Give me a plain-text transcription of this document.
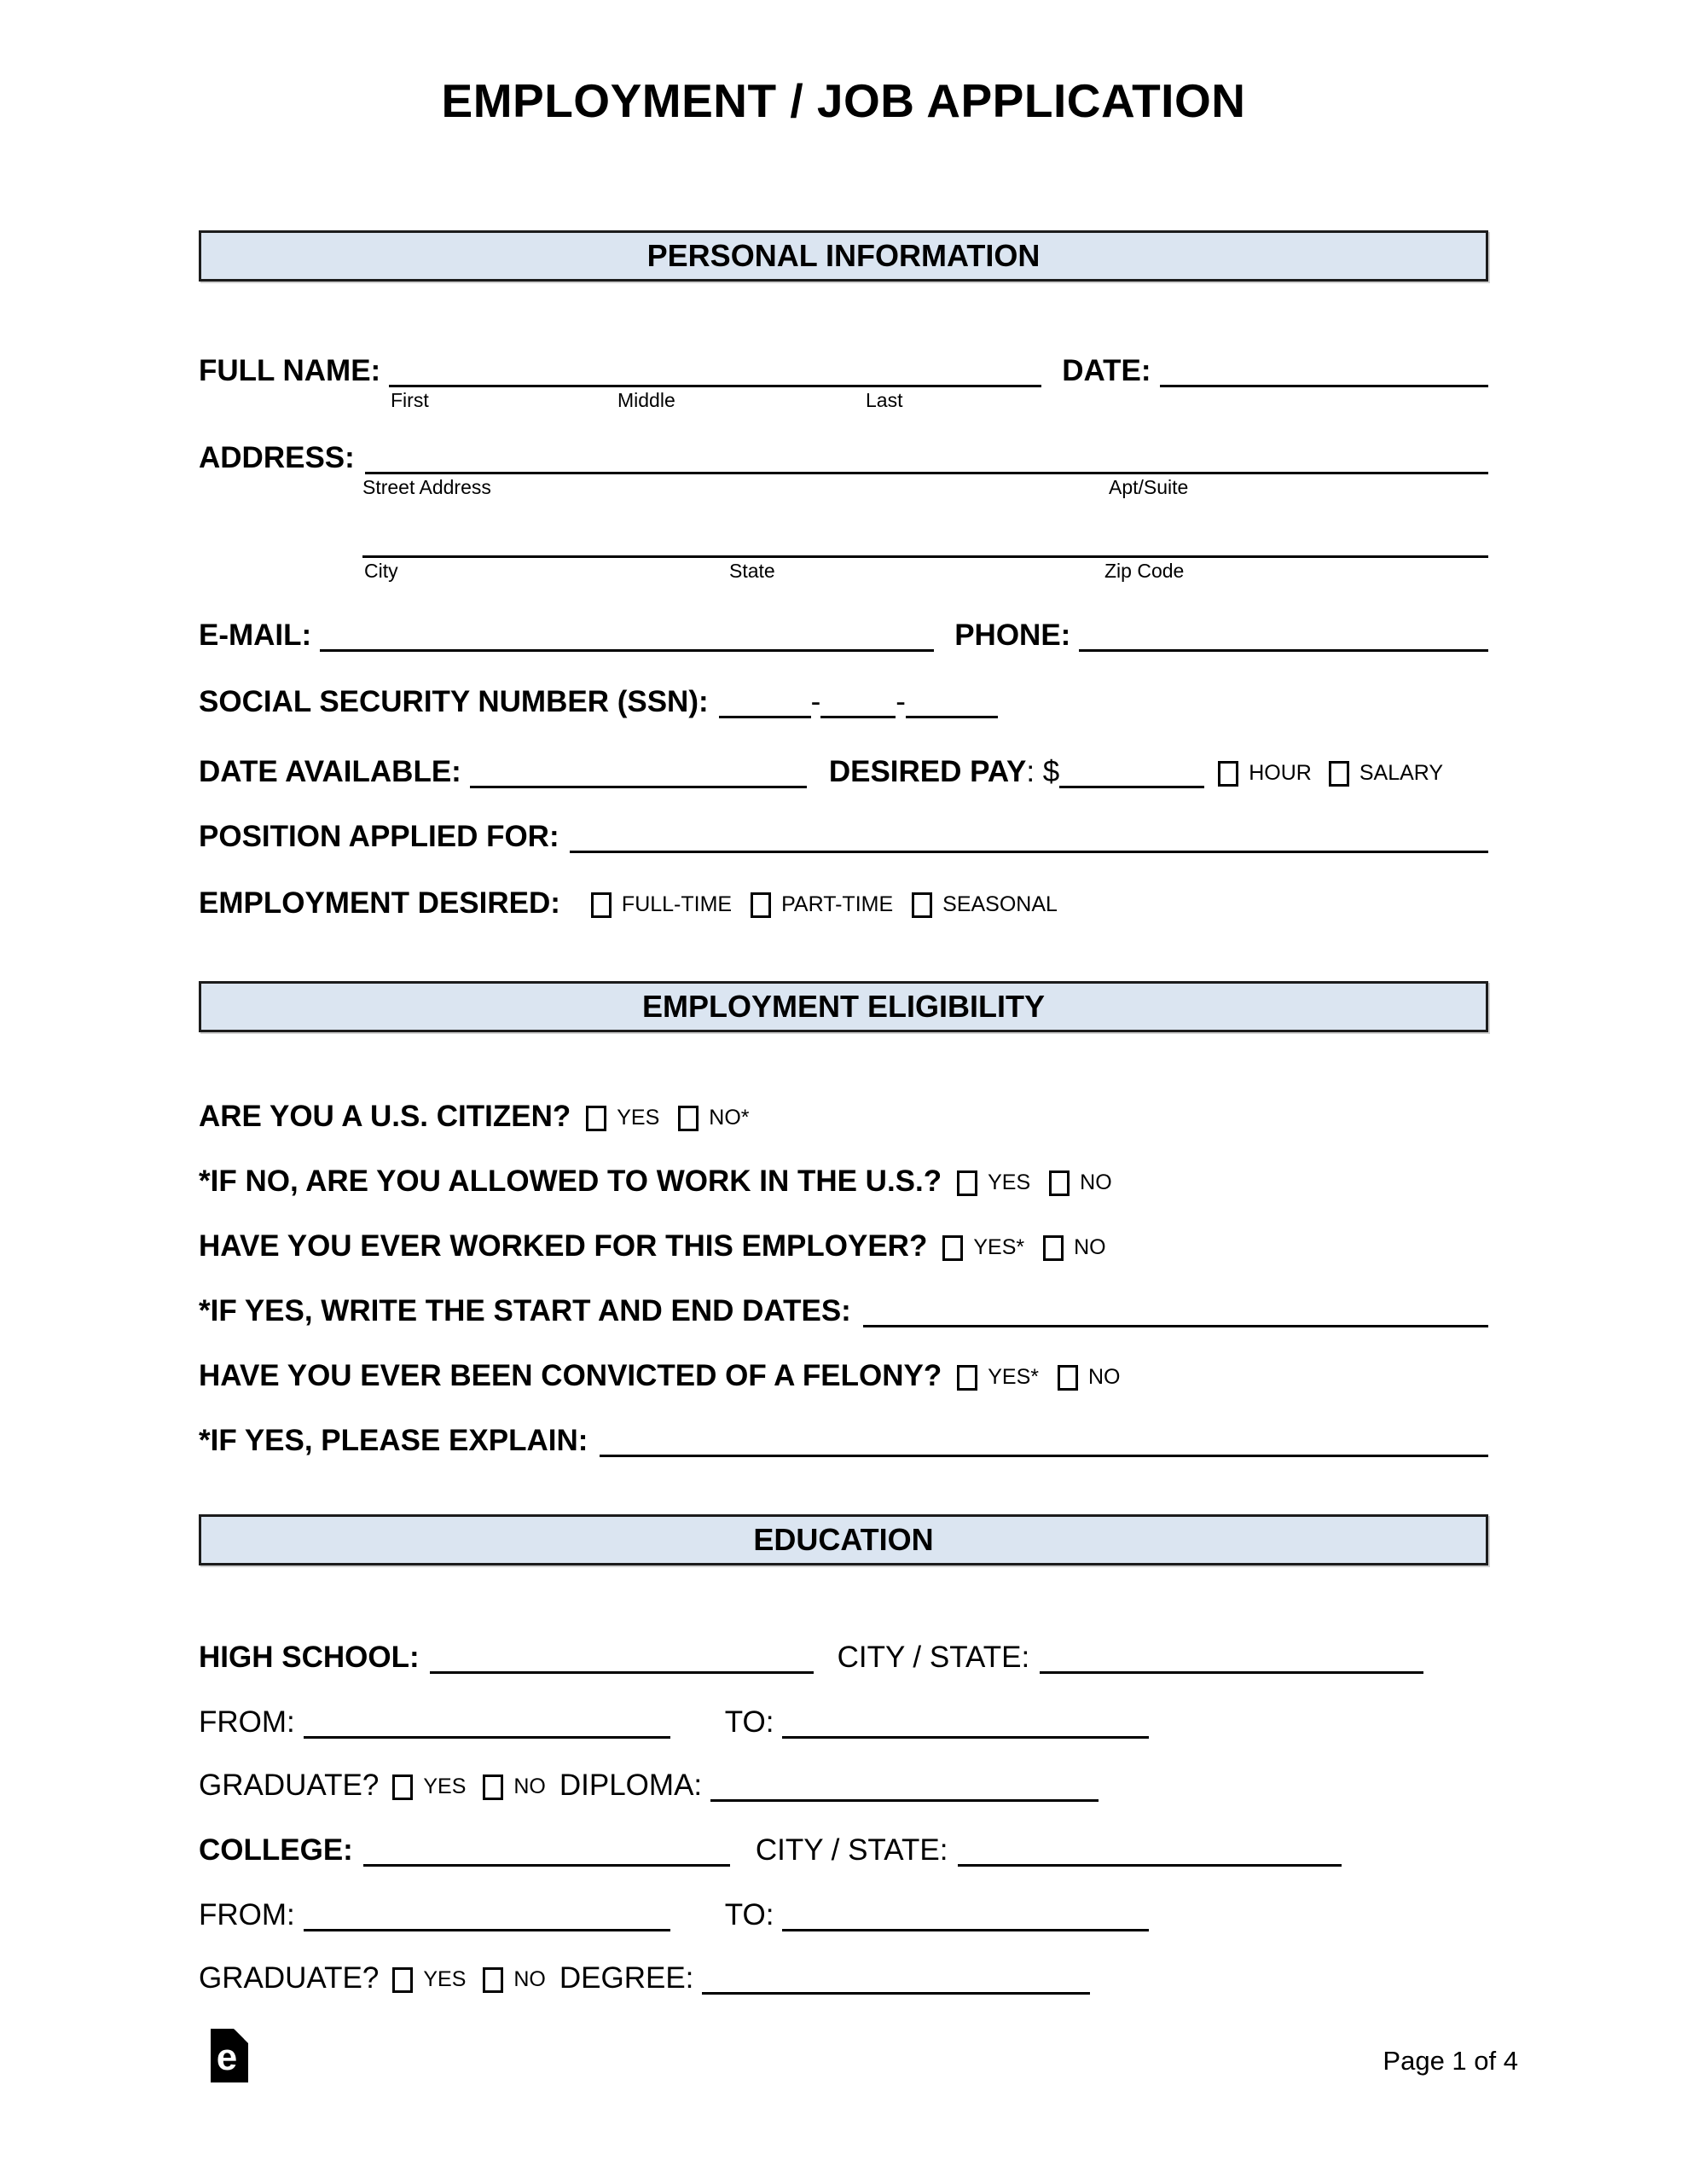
EMPLOYMENT / JOB APPLICATION
PERSONAL INFORMATION
FULL NAME:	DATE:
First	Middle	Last
ADDRESS:
Street Address	Apt/Suite
City	State	Zip Code
E-MAIL:	PHONE:
SOCIAL SECURITY NUMBER (SSN):	-	-
DATE AVAILABLE:	DESIRED PAY : $	HOUR SALARY
POSITION APPLIED FOR:
EMPLOYMENT DESIRED:	FULL-TIME PART-TIME SEASONAL
EMPLOYMENT ELIGIBILITY
ARE YOU A U.S. CITIZEN? YES NO*
*IF NO, ARE YOU ALLOWED TO WORK IN THE U.S.? YES NO
HAVE YOU EVER WORKED FOR THIS EMPLOYER? YES* NO
*IF YES, WRITE THE START AND END DATES:
HAVE YOU EVER BEEN CONVICTED OF A FELONY? YES* NO
*IF YES, PLEASE EXPLAIN:
EDUCATION
HIGH SCHOOL:	CITY / STATE:
FROM:	TO:
GRADUATE? YES NO DIPLOMA:
COLLEGE:	CITY / STATE:
FROM:	TO:
GRADUATE? YES NO DEGREE:
e	Page 1 of 4
